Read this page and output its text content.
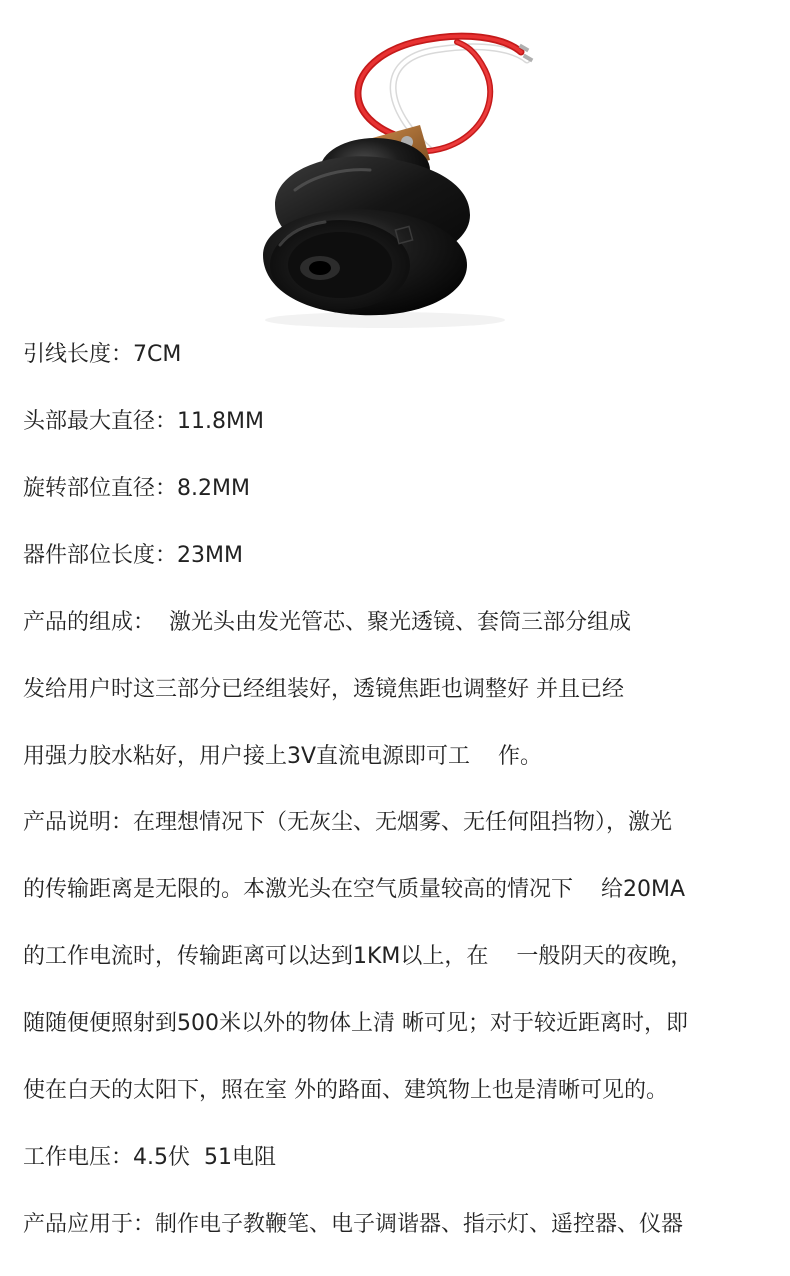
引线长度：7CM
头部最大直径：11.8MM
旋转部位直径：8.2MM
器件部位长度：23MM
产品的组成：  激光头由发光管芯、聚光透镜、套筒三部分组成
发给用户时这三部分已经组装好，透镜焦距也调整好 并且已经
用强力胶水粘好，用户接上3V直流电源即可工    作。
产品说明：在理想情况下（无灰尘、无烟雾、无任何阻挡物），激光
的传输距离是无限的。本激光头在空气质量较高的情况下    给20MA
的工作电流时，传输距离可以达到1KM以上，在    一般阴天的夜晚，
随随便便照射到500米以外的物体上清 晰可见；对于较近距离时，即
使在白天的太阳下，照在室 外的路面、建筑物上也是清晰可见的。
工作电压：4.5伏  51电阻
产品应用于：制作电子教鞭笔、电子调谐器、指示灯、遥控器、仪器
